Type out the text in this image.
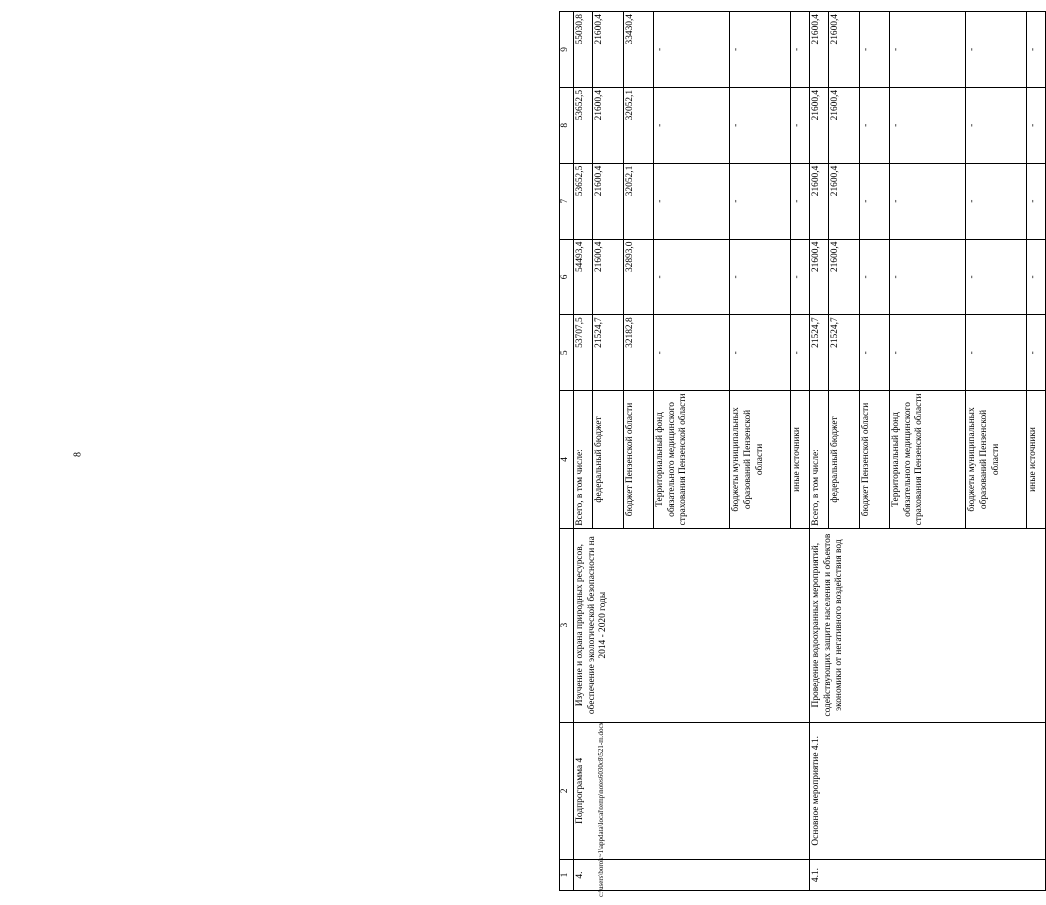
8
1	2	3	4	5	6	7	8	9
4.	Подпрограмма 4	Изучение и охрана природных ресурсов, обеспечение экологической безопасности на 2014 - 2020 годы	Всего, в том числе:	53707,5	54493,4	53652,5	53652,5	55030,8
			федеральный бюджет	21524,7	21600,4	21600,4	21600,4	21600,4
			бюджет Пензенской области	32182,8	32893,0	32052,1	32052,1	33430,4
			Территориальный фонд обязательного медицинского страхования Пензенской области	-	-	-	-	-
			бюджеты муниципальных образований Пензенской области	-	-	-	-	-
			иные источники	-	-	-	-	-
4.1.	Основное мероприятие 4.1.	Проведение водоохранных мероприятий, содействующих защите населения и объектов экономики от негативного воздействия вод	Всего, в том числе:	21524,7	21600,4	21600,4	21600,4	21600,4
			федеральный бюджет	21524,7	21600,4	21600,4	21600,4	21600,4
			бюджет Пензенской области	-	-	-	-	-
			Территориальный фонд обязательного медицинского страхования Пензенской области	-	-	-	-	-
			бюджеты муниципальных образований Пензенской области	-	-	-	-	-
			иные источники	-	-	-	-	-
c:\users\borok~1\appdata\local\temp\notes6030c8\521-m.docx
